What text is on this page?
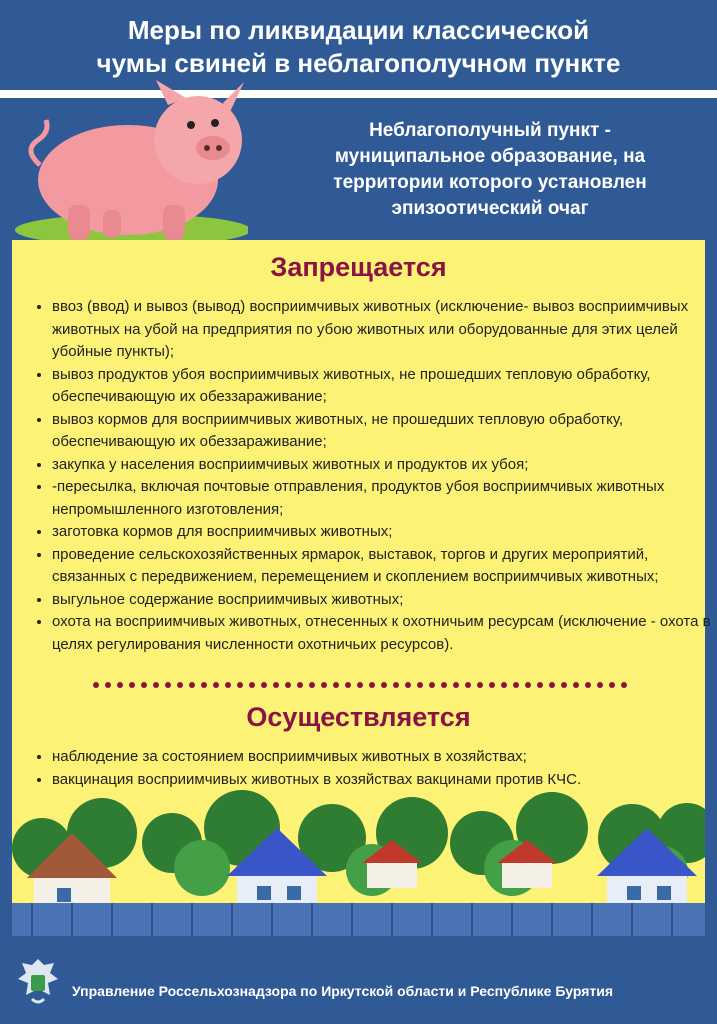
Меры по ликвидации классической
чумы свиней в неблагополучном пункте
Неблагополучный пункт -
муниципальное образование, на
территории которого установлен
эпизоотический очаг
Запрещается
• ввоз (ввод) и вывоз (вывод) восприимчивых животных (исключение- вывоз восприимчивых животных на убой на предприятия по убою животных или оборудованные для этих целей убойные пункты);
• вывоз продуктов убоя восприимчивых животных, не прошедших тепловую обработку, обеспечивающую их обеззараживание;
• вывоз кормов для восприимчивых животных, не прошедших тепловую обработку, обеспечивающую их обеззараживание;
• закупка у населения восприимчивых животных и продуктов их убоя;
• -пересылка, включая почтовые отправления, продуктов убоя восприимчивых животных непромышленного изготовления;
• заготовка кормов для восприимчивых животных;
• проведение сельскохозяйственных ярмарок, выставок, торгов и других мероприятий, связанных с передвижением, перемещением и скоплением восприимчивых животных;
• выгульное содержание восприимчивых животных;
• охота на восприимчивых животных, отнесенных к охотничьим ресурсам (исключение - охота в целях регулирования численности охотничьих ресурсов).
Осуществляется
• наблюдение за состоянием восприимчивых животных в хозяйствах;
• вакцинация восприимчивых животных в хозяйствах вакцинами против КЧС.
Управление Россельхознадзора по Иркутской области и Республике Бурятия
